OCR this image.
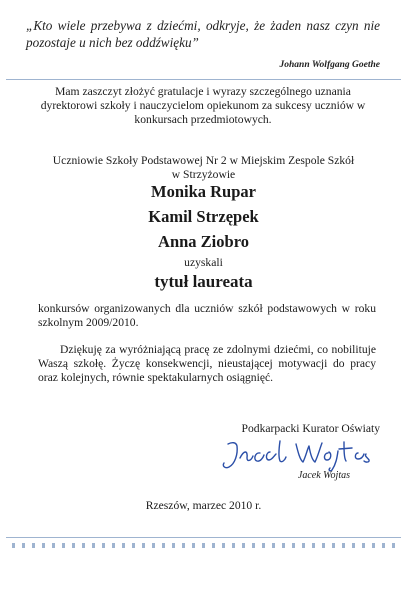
„Kto wiele przebywa z dziećmi, odkryje, że żaden nasz czyn nie pozostaje u nich bez oddźwięku”
Johann Wolfgang Goethe
Mam zaszczyt złożyć gratulacje i wyrazy szczególnego uznania dyrektorowi szkoły i nauczycielom opiekunom za sukcesy uczniów w konkursach przedmiotowych.
Uczniowie Szkoły Podstawowej Nr 2 w Miejskim Zespole Szkół
w Strzyżowie
Monika Rupar
Kamil Strzępek
Anna Ziobro
uzyskali
tytuł laureata
konkursów organizowanych dla uczniów szkół podstawowych w roku szkolnym 2009/2010.
Dziękuję za wyróżniającą pracę ze zdolnymi dziećmi, co nobilituje Waszą szkołę. Życzę konsekwencji, nieustającej motywacji do pracy oraz kolejnych, równie spektakularnych osiągnięć.
Podkarpacki Kurator Oświaty
Jacek Wojtas
Rzeszów, marzec 2010 r.
